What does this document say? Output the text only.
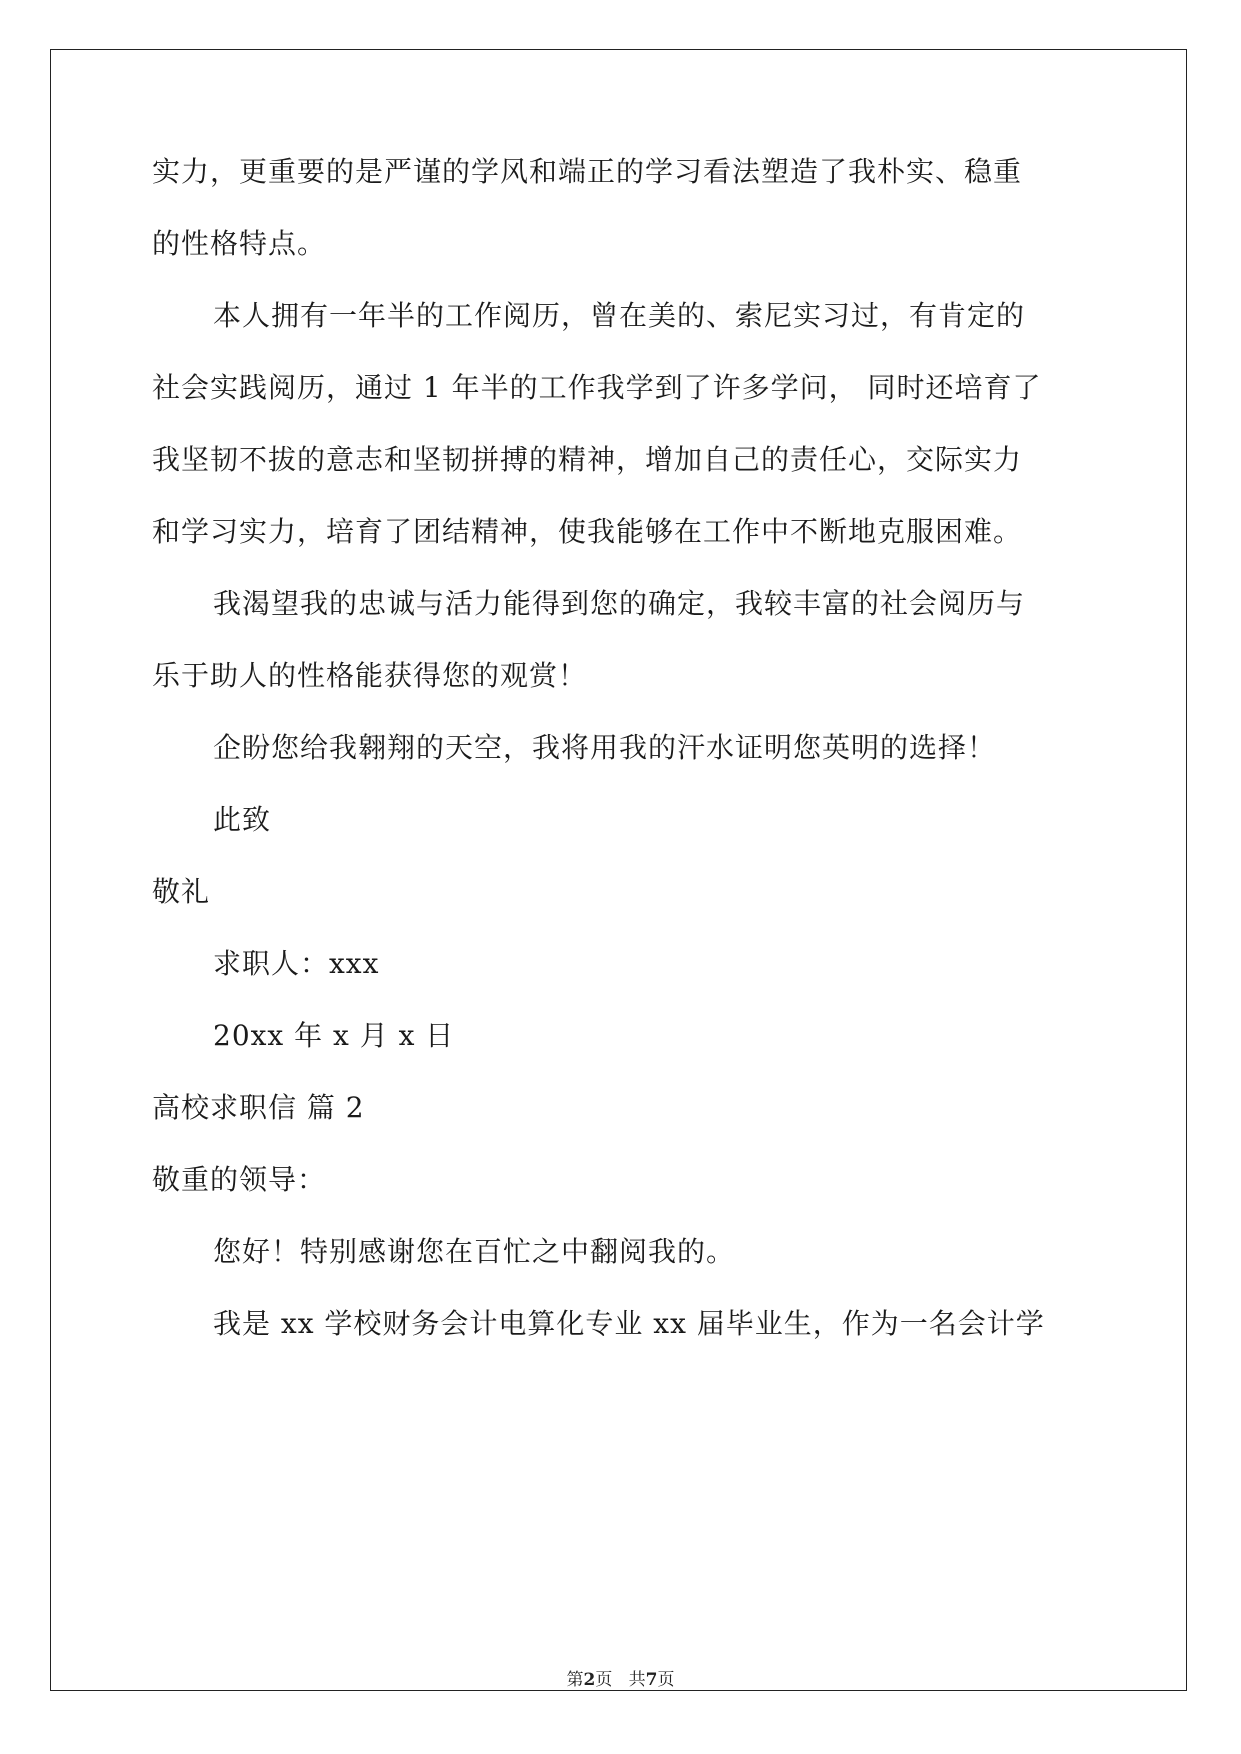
实力，更重要的是严谨的学风和端正的学习看法塑造了我朴实、稳重
的性格特点。
本人拥有一年半的工作阅历，曾在美的、索尼实习过，有肯定的
社会实践阅历，通过 1 年半的工作我学到了许多学问， 同时还培育了
我坚韧不拔的意志和坚韧拼搏的精神，增加自己的责任心，交际实力
和学习实力，培育了团结精神，使我能够在工作中不断地克服困难。
我渴望我的忠诚与活力能得到您的确定，我较丰富的社会阅历与
乐于助人的性格能获得您的观赏！
企盼您给我翱翔的天空，我将用我的汗水证明您英明的选择！
此致
敬礼
求职人：xxx
20xx 年 x 月 x 日
高校求职信 篇 2
敬重的领导：
您好！特别感谢您在百忙之中翻阅我的。
我是 xx 学校财务会计电算化专业 xx 届毕业生，作为一名会计学
第2页 共7页
